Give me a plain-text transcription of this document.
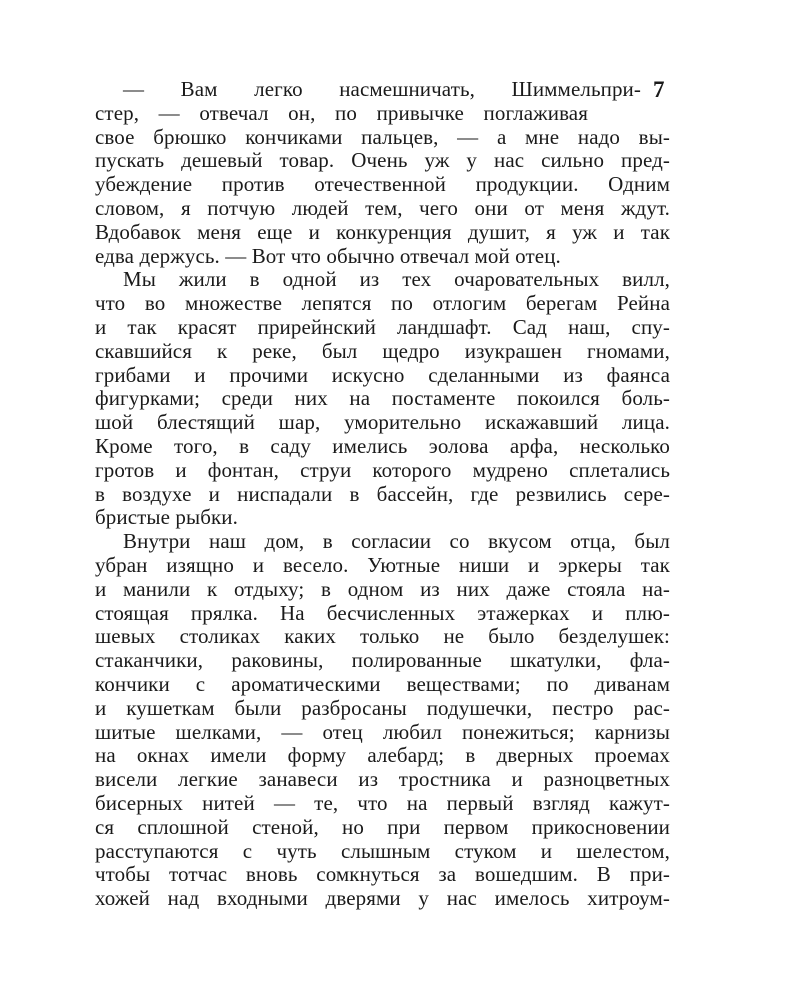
7
— Вам легко насмешничать, Шиммельпри-
стер, — отвечал он, по привычке поглаживая
свое брюшко кончиками пальцев, — а мне надо вы-
пускать дешевый товар. Очень уж у нас сильно пред-
убеждение против отечественной продукции. Одним
словом, я потчую людей тем, чего они от меня ждут.
Вдобавок меня еще и конкуренция душит, я уж и так
едва держусь. — Вот что обычно отвечал мой отец.
Мы жили в одной из тех очаровательных вилл,
что во множестве лепятся по отлогим берегам Рейна
и так красят прирейнский ландшафт. Сад наш, спу-
скавшийся к реке, был щедро изукрашен гномами,
грибами и прочими искусно сделанными из фаянса
фигурками; среди них на постаменте покоился боль-
шой блестящий шар, уморительно искажавший лица.
Кроме того, в саду имелись эолова арфа, несколько
гротов и фонтан, струи которого мудрено сплетались
в воздухе и ниспадали в бассейн, где резвились сере-
бристые рыбки.
Внутри наш дом, в согласии со вкусом отца, был
убран изящно и весело. Уютные ниши и эркеры так
и манили к отдыху; в одном из них даже стояла на-
стоящая прялка. На бесчисленных этажерках и плю-
шевых столиках каких только не было безделушек:
стаканчики, раковины, полированные шкатулки, фла-
кончики с ароматическими веществами; по диванам
и кушеткам были разбросаны подушечки, пестро рас-
шитые шелками, — отец любил понежиться; карнизы
на окнах имели форму алебард; в дверных проемах
висели легкие занавеси из тростника и разноцветных
бисерных нитей — те, что на первый взгляд кажут-
ся сплошной стеной, но при первом прикосновении
расступаются с чуть слышным стуком и шелестом,
чтобы тотчас вновь сомкнуться за вошедшим. В при-
хожей над входными дверями у нас имелось хитроум-
